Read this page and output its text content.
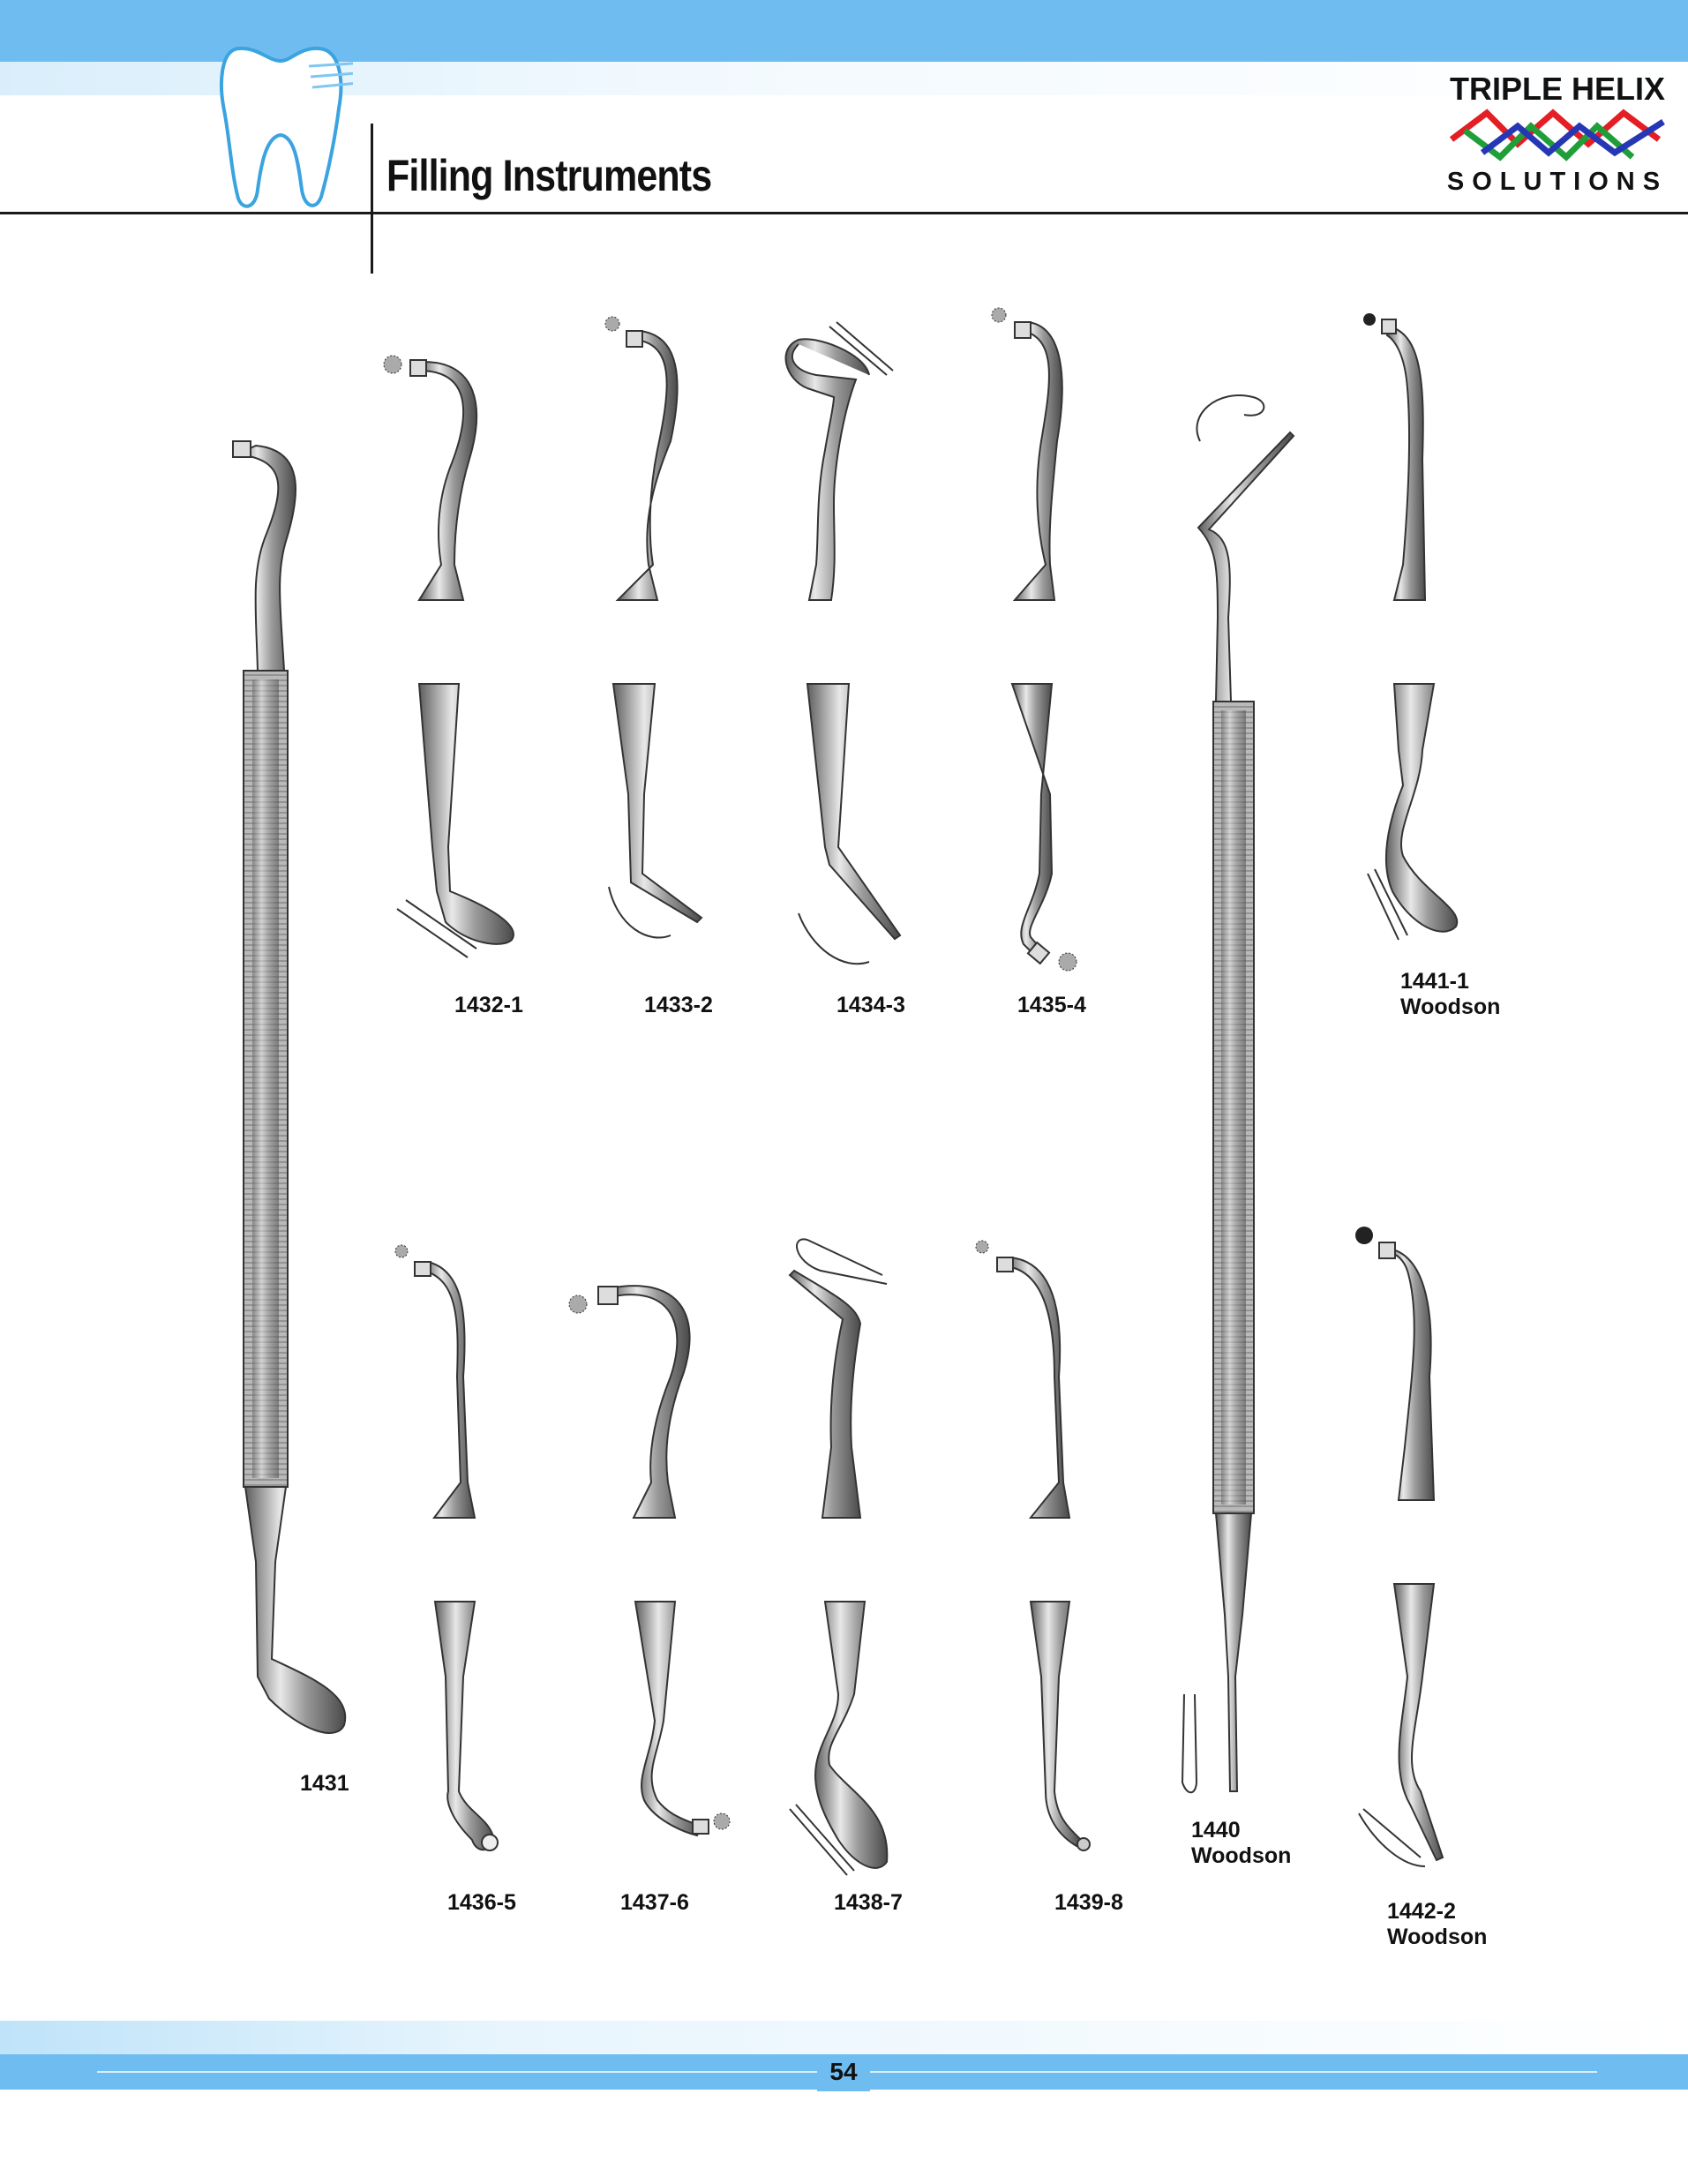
Filling Instruments
TRIPLE HELIX
SOLUTIONS
1431
1432-1	1433-2	1434-3	1435-4
1440
Woodson
1441-1
Woodson
1436-5	1437-6	1438-7	1439-8	1442-2
Woodson
54
